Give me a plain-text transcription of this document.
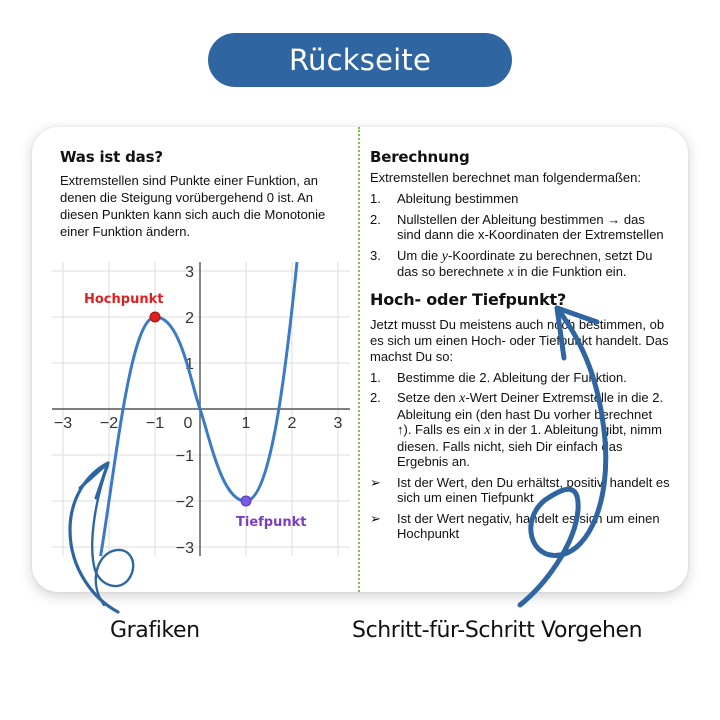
Rückseite
Was ist das?

Extremstellen sind Punkte einer Funktion, an denen die Steigung vorübergehend 0 ist. An diesen Punkten kann sich auch die Monotonie einer Funktion ändern.

−3 −2 −1 0	1 2 3
3
2
1
−1
−2
−3
Hochpunkt
Tiefpunkt
Berechnung

Extremstellen berechnet man folgendermaßen:

1. Ableitung bestimmen
2. Nullstellen der Ableitung bestimmen → das sind dann die x-Koordinaten der Extremstellen
3. Um die y-Koordinate zu berechnen, setzt Du das so berechnete x in die Funktion ein.
Hoch- oder Tiefpunkt?

Jetzt musst Du meistens auch noch bestimmen, ob es sich um einen Hoch- oder Tiefpunkt handelt. Das machst Du so:

1. Bestimme die 2. Ableitung der Funktion.
2. Setze den x-Wert Deiner Extremstelle in die 2. Ableitung ein (den hast Du vorher berechnet ↑). Falls es ein x in der 1. Ableitung gibt, nimm diesen. Falls nicht, sieh Dir einfach das Ergebnis an.
➢ Ist der Wert, den Du erhältst, positiv, handelt es sich um einen Tiefpunkt
➢ Ist der Wert negativ, handelt es sich um einen Hochpunkt
Grafiken	Schritt-für-Schritt Vorgehen
